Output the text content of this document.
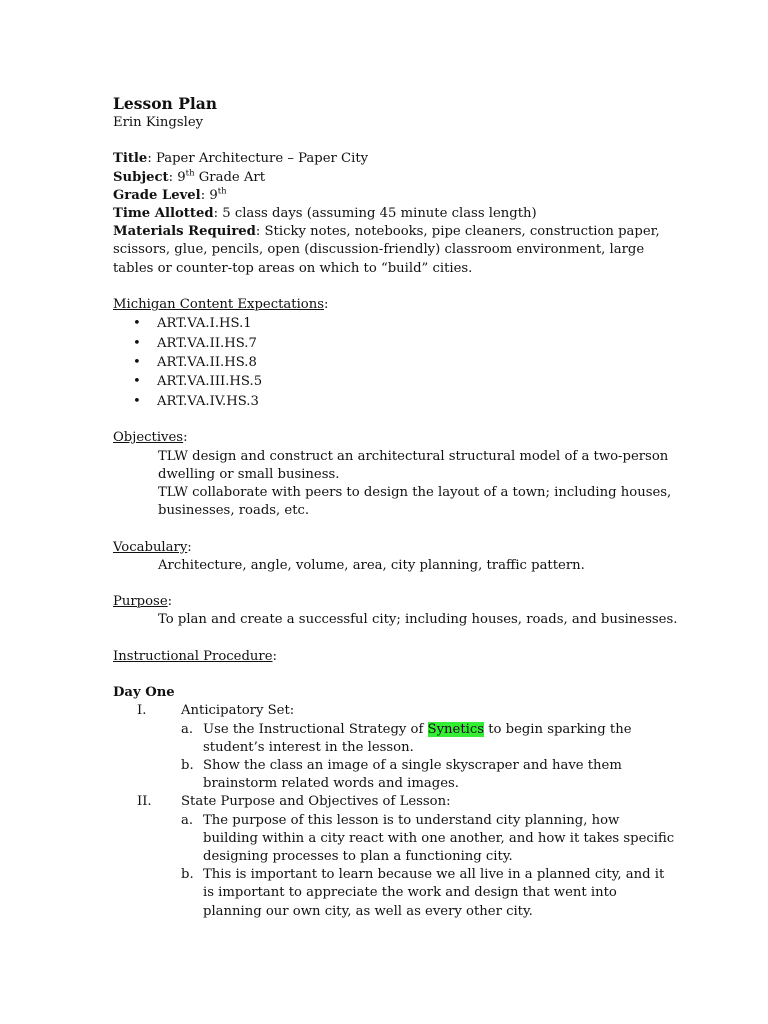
Lesson Plan
Erin Kingsley
Title: Paper Architecture – Paper City
Subject: 9th Grade Art
Grade Level: 9th
Time Allotted: 5 class days (assuming 45 minute class length)
Materials Required: Sticky notes, notebooks, pipe cleaners, construction paper,
scissors, glue, pencils, open (discussion-friendly) classroom environment, large
tables or counter-top areas on which to “build” cities.
Michigan Content Expectations:
• ART.VA.I.HS.1
• ART.VA.II.HS.7
• ART.VA.II.HS.8
• ART.VA.III.HS.5
• ART.VA.IV.HS.3
Objectives:
TLW design and construct an architectural structural model of a two-person
dwelling or small business.
TLW collaborate with peers to design the layout of a town; including houses,
businesses, roads, etc.
Vocabulary:
Architecture, angle, volume, area, city planning, traffic pattern.
Purpose:
To plan and create a successful city; including houses, roads, and businesses.
Instructional Procedure:
Day One
I.	Anticipatory Set:
a. Use the Instructional Strategy of Synetics to begin sparking the
student’s interest in the lesson.
b. Show the class an image of a single skyscraper and have them
brainstorm related words and images.
II. State Purpose and Objectives of Lesson:
a. The purpose of this lesson is to understand city planning, how
building within a city react with one another, and how it takes specific
designing processes to plan a functioning city.
b. This is important to learn because we all live in a planned city, and it
is important to appreciate the work and design that went into
planning our own city, as well as every other city.
